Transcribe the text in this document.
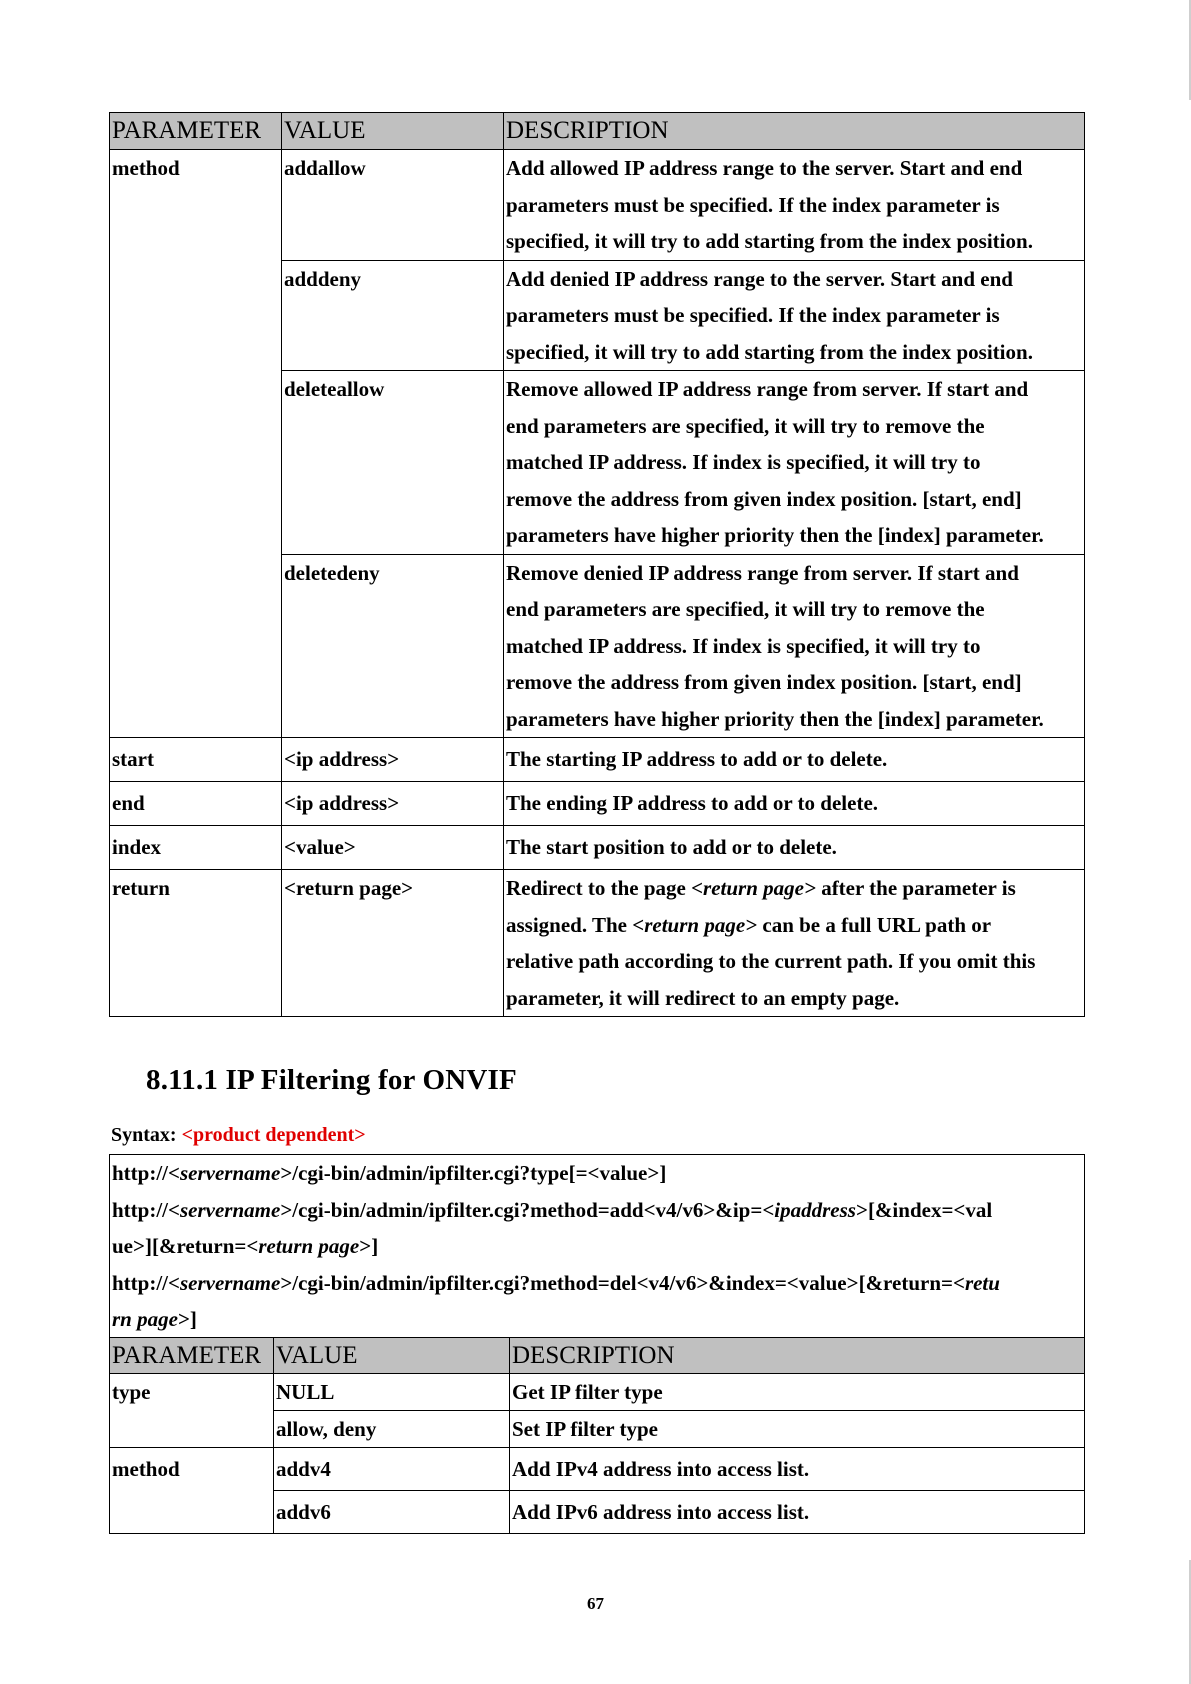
PARAMETER	VALUE	DESCRIPTION
method	addallow	Add allowed IP address range to the server. Start and end
parameters must be specified. If the index parameter is
specified, it will try to add starting from the index position.

	adddeny	Add denied IP address range to the server. Start and end
parameters must be specified. If the index parameter is
specified, it will try to add starting from the index position.

	deleteallow	Remove allowed IP address range from server. If start and
end parameters are specified, it will try to remove the
matched IP address. If index is specified, it will try to
remove the address from given index position. [start, end]
parameters have higher priority then the [index] parameter.

	deletedeny	Remove denied IP address range from server. If start and
end parameters are specified, it will try to remove the
matched IP address. If index is specified, it will try to
remove the address from given index position. [start, end]
parameters have higher priority then the [index] parameter.

start	<ip address>	The starting IP address to add or to delete.
end	<ip address>	The ending IP address to add or to delete.
index	<value>	The start position to add or to delete.
return	<return page>	Redirect to the page <return page> after the parameter is
assigned. The <return page> can be a full URL path or
relative path according to the current path. If you omit this
parameter, it will redirect to an empty page.
8.11.1 IP Filtering for ONVIF
Syntax: <product dependent>
http://<servername>/cgi-bin/admin/ipfilter.cgi?type[=<value>]
http://<servername>/cgi-bin/admin/ipfilter.cgi?method=add<v4/v6>&ip=<ipaddress>[&index=<val
ue>][&return=<return page>]
http://<servername>/cgi-bin/admin/ipfilter.cgi?method=del<v4/v6>&index=<value>[&return=<retu
rn page>]
PARAMETER	VALUE	DESCRIPTION
type	NULL	Get IP filter type
	allow, deny	Set IP filter type
method	addv4	Add IPv4 address into access list.
	addv6	Add IPv6 address into access list.
67
